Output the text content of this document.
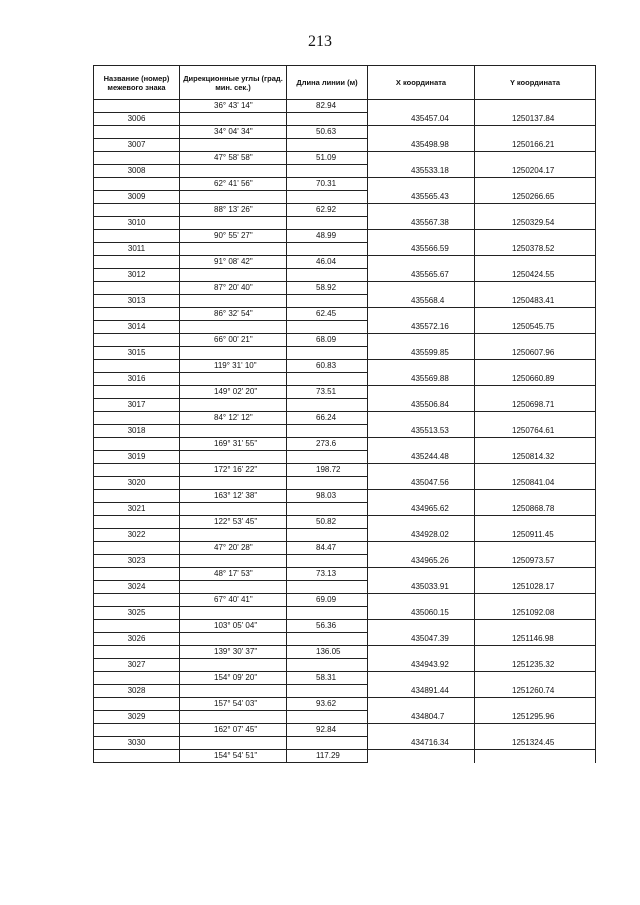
213
Название (номер) межевого знака	Дирекционные углы (град. мин. сек.)	Длина линии (м)	X координата	Y координата
	36° 43' 14"	82.94		
3006			435457.04	1250137.84
	34° 04' 34"	50.63		
3007			435498.98	1250166.21
	47° 58' 58"	51.09		
3008			435533.18	1250204.17
	62° 41' 56"	70.31		
3009			435565.43	1250266.65
	88° 13' 26"	62.92		
3010			435567.38	1250329.54
	90° 55' 27"	48.99		
3011			435566.59	1250378.52
	91° 08' 42"	46.04		
3012			435565.67	1250424.55
	87° 20' 40"	58.92		
3013			435568.4	1250483.41
	86° 32' 54"	62.45		
3014			435572.16	1250545.75
	66° 00' 21"	68.09		
3015			435599.85	1250607.96
	119° 31' 10"	60.83		
3016			435569.88	1250660.89
	149° 02' 20"	73.51		
3017			435506.84	1250698.71
	84° 12' 12"	66.24		
3018			435513.53	1250764.61
	169° 31' 55"	273.6		
3019			435244.48	1250814.32
	172° 16' 22"	198.72		
3020			435047.56	1250841.04
	163° 12' 38"	98.03		
3021			434965.62	1250868.78
	122° 53' 45"	50.82		
3022			434928.02	1250911.45
	47° 20' 28"	84.47		
3023			434965.26	1250973.57
	48° 17' 53"	73.13		
3024			435033.91	1251028.17
	67° 40' 41"	69.09		
3025			435060.15	1251092.08
	103° 05' 04"	56.36		
3026			435047.39	1251146.98
	139° 30' 37"	136.05		
3027			434943.92	1251235.32
	154° 09' 20"	58.31		
3028			434891.44	1251260.74
	157° 54' 03"	93.62		
3029			434804.7	1251295.96
	162° 07' 45"	92.84		
3030			434716.34	1251324.45
	154° 54' 51"	117.29		
